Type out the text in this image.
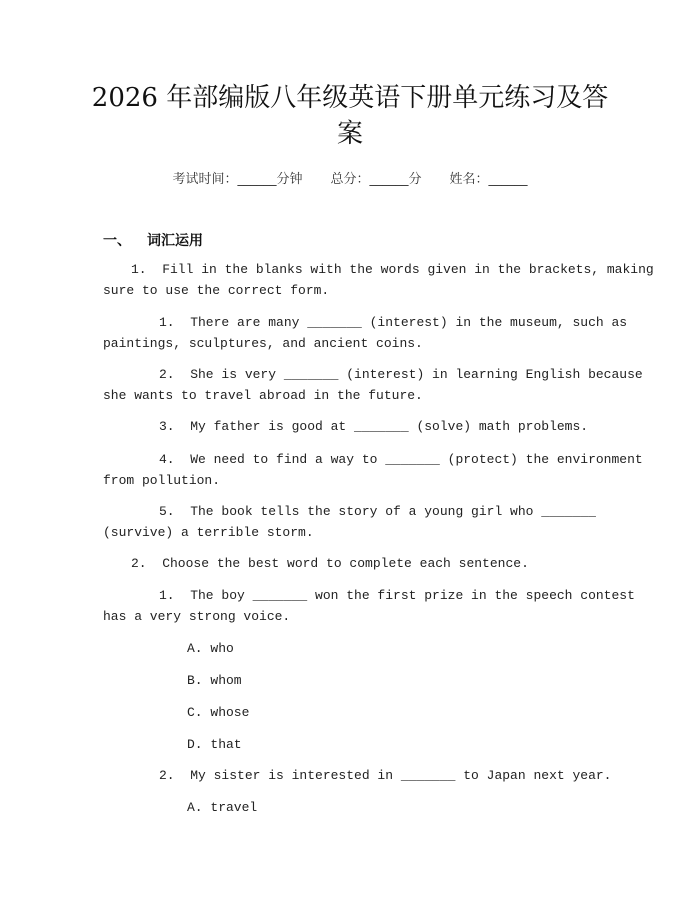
2026 年部编版八年级英语下册单元练习及答
案
考试时间：______分钟 总分：______分 姓名：______
一、 词汇运用
1.  Fill in the blanks with the words given in the brackets, making
sure to use the correct form.
1.  There are many _______ (interest) in the museum, such as
paintings, sculptures, and ancient coins.
2.  She is very _______ (interest) in learning English because
she wants to travel abroad in the future.
3.  My father is good at _______ (solve) math problems.
4.  We need to find a way to _______ (protect) the environment
from pollution.
5.  The book tells the story of a young girl who _______
(survive) a terrible storm.
2.  Choose the best word to complete each sentence.
1.  The boy _______ won the first prize in the speech contest
has a very strong voice.
A. who
B. whom
C. whose
D. that
2.  My sister is interested in _______ to Japan next year.
A. travel
